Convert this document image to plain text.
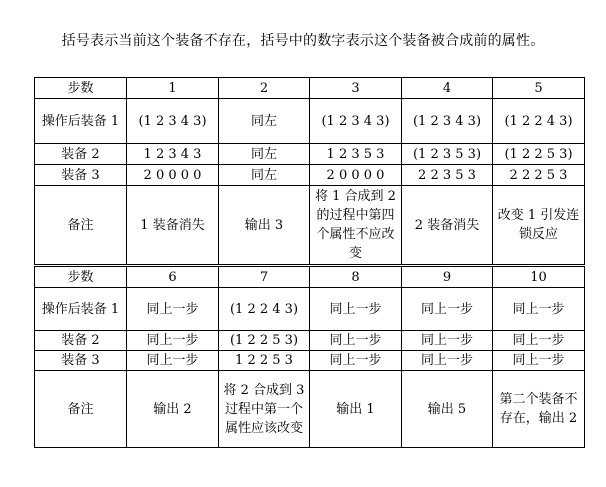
括号表示当前这个装备不存在，括号中的数字表示这个装备被合成前的属性。
步数	1	2	3	4	5
操作后装备 1	(1 2 3 4 3)	同左	(1 2 3 4 3)	(1 2 3 4 3)	(1 2 2 4 3)
装备 2	1 2 3 4 3	同左	1 2 3 5 3	(1 2 3 5 3)	(1 2 2 5 3)
装备 3	2 0 0 0 0	同左	2 0 0 0 0	2 2 3 5 3	2 2 2 5 3
备注	1 装备消失	输出 3	将 1 合成到 2 的过程中第四个属性不应改变	2 装备消失	改变 1 引发连锁反应
步数	6	7	8	9	10
操作后装备 1	同上一步	(1 2 2 4 3)	同上一步	同上一步	同上一步
装备 2	同上一步	(1 2 2 5 3)	同上一步	同上一步	同上一步
装备 3	同上一步	1 2 2 5 3	同上一步	同上一步	同上一步
备注	输出 2	将 2 合成到 3 过程中第一个属性应该改变	输出 1	输出 5	第二个装备不存在，输出 2
